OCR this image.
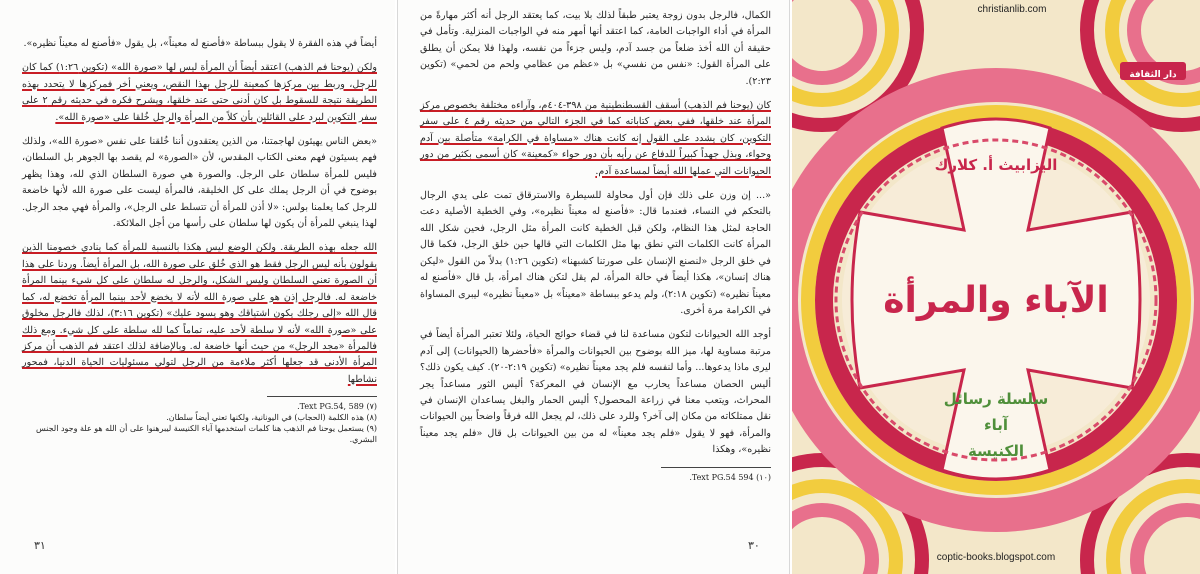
أيضاً في هذه الفقرة لا يقول ببساطة «فأصنع له معيناً»، بل يقول «فأصنع له معيناً نظيره».

ولكن (يوحنا فم الذهب) اعتقد أيضاً أن المرأة ليس لها «صورة الله» (تكوين ١:٢٦) كما كان للرجل، وربط بين مركزها كمعينة للرجل بهذا النقص، ويعني أخر فمركزها لا يتحدد بهذه الطريقة نتيجة للسقوط بل كان أدنى حتى عند خلقها، ويشرح فكره في حديثه رقم ٢ على سفر التكوين لبرد على القائلين بأن كلاً من المرأة والرجل خُلقا على «صورة الله».

«بعض الناس يهيئون لهاجمتنا، من الذين يعتقدون أننا خُلقنا على نفس «صورة الله»، ولذلك فهم يسيئون فهم معنى الكتاب المقدس، لأن «الصورة» لم يقصد بها الجوهر بل السلطان، فليس للمرأة سلطان على الرجل. والصورة هي صورة السلطان الذي لله، وهذا يظهر بوضوح في أن الرجل يملك على كل الخليقة، فالمرأة ليست على صورة الله لأنها خاضعة للرجل كما يعلمنا بولس: «لا أذن للمرأة أن تتسلط على الرجل»، والمرأة فهي مجد الرجل. لهذا ينبغي للمرأة أن يكون لها سلطان على رأسها من أجل الملائكة.

الله جعله بهذه الطريقة. ولكن الوضع ليس هكذا بالنسبة للمرأة كما ينادي خصومنا الذين يقولون بأنه ليس الرجل فقط هو الذي خُلق على صورة الله، بل المرأة أيضاً. وردنا على هذا أن الصورة تعني السلطان وليس الشكل، والرجل له سلطان على كل شيء بينما المرأة خاضعة له. فالرجل إذن هو على صورة الله لأنه لا يخضع لأحد بينما المرأة تخضع له، كما قال الله «إلى رجلك يكون اشتياقك وهو يسود عليك» (تكوين ٣:١٦)، لذلك فالرجل مخلوق على «صورة الله» لأنه لا سلطة لأحد عليه، تماماً كما لله سلطة على كل شيء. ومع ذلك فالمرأة «مجد الرجل» من حيث أنها خاضعة له. وبالإضافة لذلك اعتقد فم الذهب أن مركز المرأة الأدنى قد جعلها أكثر ملاءمة من الرجل لتولي مسئوليات الحياة الدنيا، فمحور نشاطها

(٧) Text PG.54, 589.
(٨) هذه الكلمة (الحجاب) في اليونانية، ولكنها تعني أيضاً سلطان.
(٩) يستعمل يوحنا فم الذهب هنا كلمات استخدمها آباء الكنيسة ليبرهنوا على أن الله هو علة وجود الجنس البشري.
٣١

الكمال، فالرجل بدون زوجة يعتبر طبقاً لذلك بلا بيت، كما يعتقد الرجل أنه أكثر مهارةً من المرأة في أداء الواجبات العامة، كما اعتقد أنها أمهر منه في الواجبات المنزلية. وتأمل في حقيقة أن الله أخذ ضلعاً من جسد آدم، وليس جزءاً من نفسه، ولهذا فلا يمكن أن يطلق على المرأة القول: «نفس من نفسي» بل «عظم من عظامي ولحم من لحمي» (تكوين ٢:٢٣).

كان (يوحنا فم الذهب) أسقف القسطنطينية من ٣٩٨-٤٠٤م، وآراءه مختلفة بخصوص مركز المرأة عند خلقها، ففي بعض كتاباته كما في الجزء التالي من حديثه رقم ٤ على سفر التكوين، كان يشدد على القول إنه كانت هناك «مساواة في الكرامة» متأصلة بين آدم وحواء، وبذل جهداً كبيراً للدفاع عن رأيه بأن دور حواء «كمعينة» كان أسمى بكثير من دور الحيوانات التي عملها الله أيضاً لمساعدة آدم.

«... إن وزن على ذلك فإن أول محاولة للسيطرة والاسترقاق تمت على يدي الرجال بالتحكم في النساء، فعندما قال: «فأصنع له معيناً نظيره»، وفي الخطية الأصلية دعت الحاجة لمثل هذا النظام، ولكن قبل الخطية كانت المرأة مثل الرجل، فحين شكل الله المرأة كانت الكلمات التي نطق بها مثل الكلمات التي قالها حين خلق الرجل، فكما قال في خلق الرجل «لنصنع الإنسان على صورتنا كشبهنا» (تكوين ١:٢٦) بدلاً من القول «ليكن هناك إنسان»، هكذا أيضاً في حالة المرأة، لم يقل لتكن هناك امرأة، بل قال «فأصنع له معيناً نظيره» (تكوين ٢:١٨)، ولم يدعو ببساطة «معيناً» بل «معيناً نظيره» ليبرى المساواة في الكرامة مرة أخرى.

أوجد الله الحيوانات لتكون مساعدة لنا في قضاء حوائج الحياة، ولئلا تعتبر المرأة أيضاً في مرتبة مساوية لها، ميز الله بوضوح بين الحيوانات والمرأة «فأحضرها (الحيوانات) إلى آدم ليرى ماذا يدعوها... وأما لنفسه فلم يجد معيناً نظيره» (تكوين ٢:١٩-٢٠). كيف يكون ذلك؟ أليس الحصان مساعداً يحارب مع الإنسان في المعركة؟ أليس الثور مساعداً يجر المحراث، ويتعب معنا في زراعة المحصول؟ أليس الحمار والبغل يساعدان الإنسان في نقل ممتلكاته من مكان إلى آخر؟ وللرد على ذلك، لم يجعل الله فرقاً واضحاً بين الحيوانات والمرأة، فهو لا يقول «فلم يجد معيناً» له من بين الحيوانات بل قال «فلم يجد معيناً نظيره»، وهكذا

(١٠) Text PG.54 594.
٣٠
christianlib.com
دار الثقافة
اليزابيث أ. كلارك
الآباء والمرأة
سلسلة رسائل
آباء
الكنيسة
coptic-books.blogspot.com
